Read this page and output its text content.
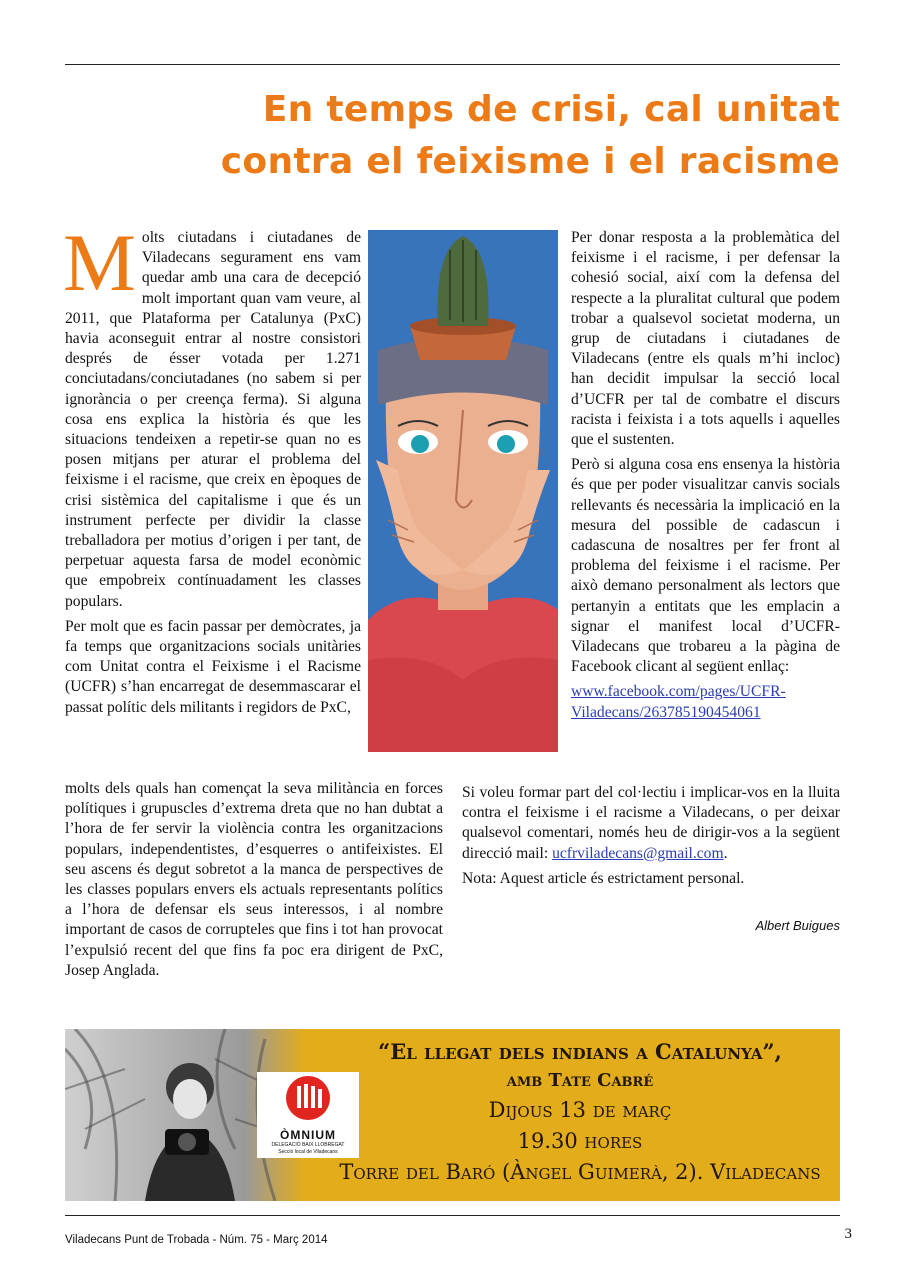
En temps de crisi, cal unitat
contra el feixisme i el racisme

Molts ciutadans i ciutadanes de Viladecans segurament ens vam quedar amb una cara de decepció molt important quan vam veure, al 2011, que Plataforma per Catalunya (PxC) havia aconseguit entrar al nostre consistori després de ésser votada per 1.271 conciutadans/conciutadanes (no sabem si per ignorància o per creença ferma). Si alguna cosa ens explica la història és que les situacions tendeixen a repetir-se quan no es posen mitjans per aturar el problema del feixisme i el racisme, que creix en èpoques de crisi sistèmica del capitalisme i que és un instrument perfecte per dividir la classe treballadora per motius d’origen i per tant, de perpetuar aquesta farsa de model econòmic que empobreix contínuadament les classes populars.

Per molt que es facin passar per demòcrates, ja fa temps que organitzacions socials unitàries com Unitat contra el Feixisme i el Racisme (UCFR) s’han encarregat de desemmascarar el passat polític dels militants i regidors de PxC,

Per donar resposta a la problemàtica del feixisme i el racisme, i per defensar la cohesió social, així com la defensa del respecte a la pluralitat cultural que podem trobar a qualsevol societat moderna, un grup de ciutadans i ciutadanes de Viladecans (entre els quals m’hi incloc) han decidit impulsar la secció local d’UCFR per tal de combatre el discurs racista i feixista i a tots aquells i aquelles que el sustenten.

Però si alguna cosa ens ensenya la història és que per poder visualitzar canvis socials rellevants és necessària la implicació en la mesura del possible de cadascun i cadascuna de nosaltres per fer front al problema del feixisme i el racisme. Per això demano personalment als lectors que pertanyin a entitats que les emplacin a signar el manifest local d’UCFR-Viladecans que trobareu a la pàgina de Facebook clicant al següent enllaç:

www.facebook.com/pages/UCFR-Viladecans/263785190454061

molts dels quals han començat la seva militància en forces polítiques i grupuscles d’extrema dreta que no han dubtat a l’hora de fer servir la violència contra les organitzacions populars, independentistes, d’esquerres o antifeixistes. El seu ascens és degut sobretot a la manca de perspectives de les classes populars envers els actuals representants polítics a l’hora de defensar els seus interessos, i al nombre important de casos de corrupteles que fins i tot han provocat l’expulsió recent del que fins fa poc era dirigent de PxC, Josep Anglada.

Si voleu formar part del col·lectiu i implicar-vos en la lluita contra el feixisme i el racisme a Viladecans, o per deixar qualsevol comentari, només heu de dirigir-vos a la següent direcció mail: ucfrviladecans@gmail.com.

Nota: Aquest article és estrictament personal.

Albert Buigues
ÒMNIUM
DELEGACIÓ BAIX LLOBREGAT
Secció local de Viladecans
“El llegat dels indians a Catalunya”,
amb Tate Cabré
Dijous 13 de març
19.30 hores
Torre del Baró (Àngel Guimerà, 2). Viladecans
Viladecans Punt de Trobada - Núm. 75 - Març 2014	3
